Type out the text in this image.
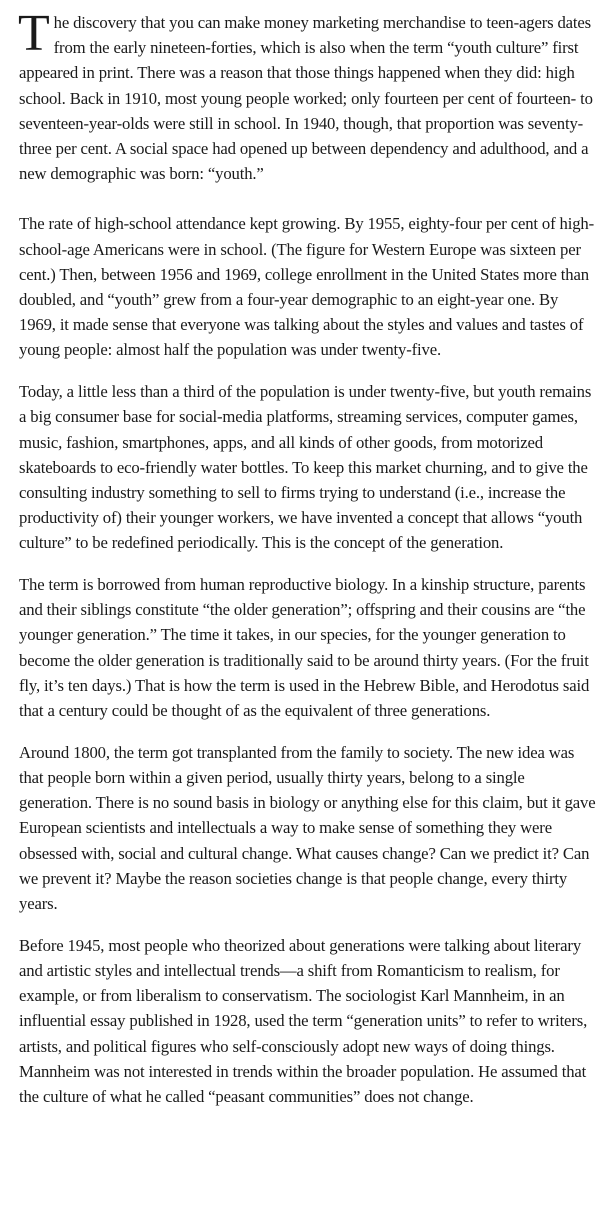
The discovery that you can make money marketing merchandise to teen-agers dates from the early nineteen-forties, which is also when the term “youth culture” first appeared in print. There was a reason that those things happened when they did: high school. Back in 1910, most young people worked; only fourteen per cent of fourteen- to seventeen-year-olds were still in school. In 1940, though, that proportion was seventy-three per cent. A social space had opened up between dependency and adulthood, and a new demographic was born: “youth.”

The rate of high-school attendance kept growing. By 1955, eighty-four per cent of high-school-age Americans were in school. (The figure for Western Europe was sixteen per cent.) Then, between 1956 and 1969, college enrollment in the United States more than doubled, and “youth” grew from a four-year demographic to an eight-year one. By 1969, it made sense that everyone was talking about the styles and values and tastes of young people: almost half the population was under twenty-five.

Today, a little less than a third of the population is under twenty-five, but youth remains a big consumer base for social-media platforms, streaming services, computer games, music, fashion, smartphones, apps, and all kinds of other goods, from motorized skateboards to eco-friendly water bottles. To keep this market churning, and to give the consulting industry something to sell to firms trying to understand (i.e., increase the productivity of) their younger workers, we have invented a concept that allows “youth culture” to be redefined periodically. This is the concept of the generation.

The term is borrowed from human reproductive biology. In a kinship structure, parents and their siblings constitute “the older generation”; offspring and their cousins are “the younger generation.” The time it takes, in our species, for the younger generation to become the older generation is traditionally said to be around thirty years. (For the fruit fly, it’s ten days.) That is how the term is used in the Hebrew Bible, and Herodotus said that a century could be thought of as the equivalent of three generations.

Around 1800, the term got transplanted from the family to society. The new idea was that people born within a given period, usually thirty years, belong to a single generation. There is no sound basis in biology or anything else for this claim, but it gave European scientists and intellectuals a way to make sense of something they were obsessed with, social and cultural change. What causes change? Can we predict it? Can we prevent it? Maybe the reason societies change is that people change, every thirty years.

Before 1945, most people who theorized about generations were talking about literary and artistic styles and intellectual trends—a shift from Romanticism to realism, for example, or from liberalism to conservatism. The sociologist Karl Mannheim, in an influential essay published in 1928, used the term “generation units” to refer to writers, artists, and political figures who self-consciously adopt new ways of doing things. Mannheim was not interested in trends within the broader population. He assumed that the culture of what he called “peasant communities” does not change.
